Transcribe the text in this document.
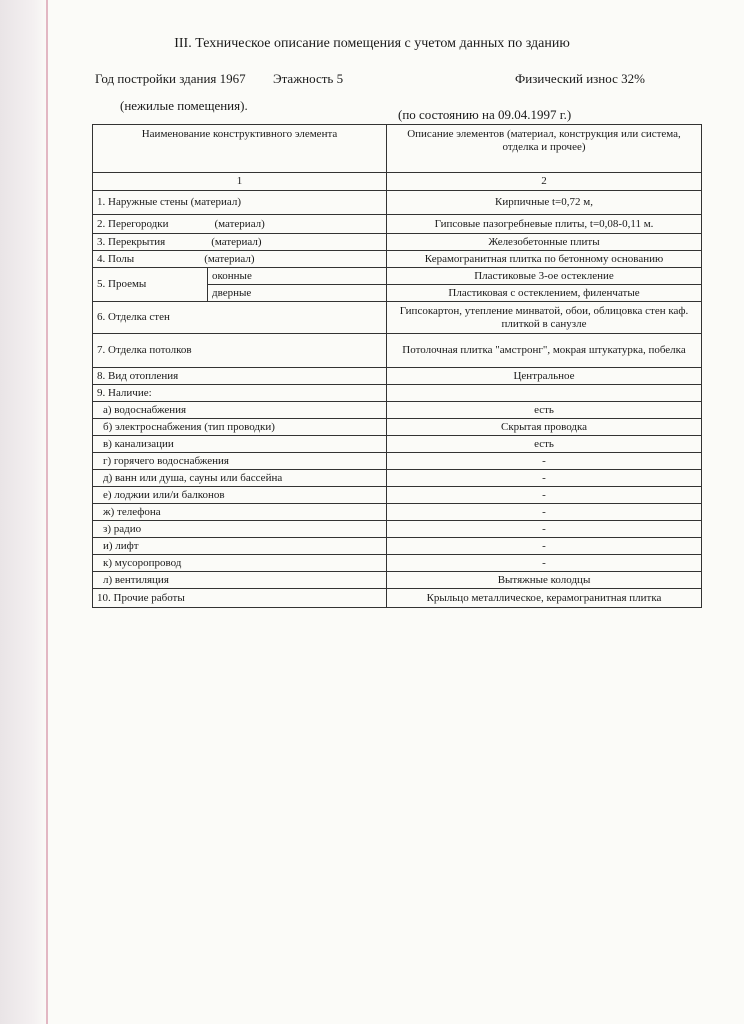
III. Техническое описание помещения с учетом данных по зданию
Год постройки здания 1967 Этажность 5	Физический износ 32%
(нежилые помещения).
(по состоянию на 09.04.1997 г.)
Наименование конструктивного элемента		Описание элементов (материал, конструкция или система, отделка и прочее)
1		2
1. Наружные стены (материал)		Кирпичные t=0,72 м,
2. Перегородки (материал)		Гипсовые пазогребневые плиты, t=0,08-0,11 м.
3. Перекрытия (материал)		Железобетонные плиты
4. Полы (материал)		Керамогранитная плитка по бетонному основанию
5. Проемы	оконные	Пластиковые 3-ое остекление
	дверные	Пластиковая с остеклением, филенчатые
6. Отделка стен		Гипсокартон, утепление минватой, обои, облицовка стен каф. плиткой в санузле
7. Отделка потолков		Потолочная плитка "амстронг", мокрая штукатурка, побелка
8. Вид отопления		Центральное
9. Наличие:		
а) водоснабжения		есть
б) электроснабжения (тип проводки)		Скрытая проводка
в) канализации		есть
г) горячего водоснабжения		-
д) ванн или душа, сауны или бассейна		-
е) лоджии или/и балконов		-
ж) телефона		-
з) радио		-
и) лифт		-
к) мусоропровод		-
л) вентиляция		Вытяжные колодцы
10. Прочие работы		Крыльцо металлическое, керамогранитная плитка
